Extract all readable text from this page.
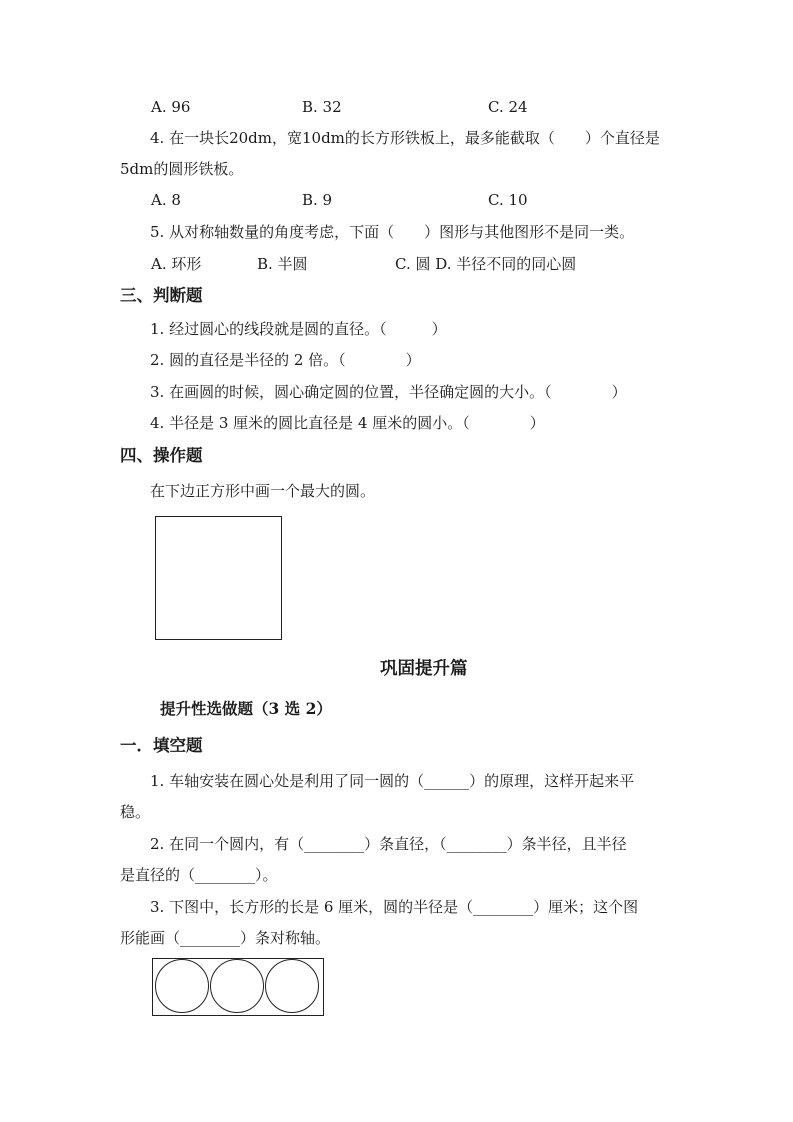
A. 96	B. 32	C. 24
4. 在一块长20dm，宽10dm的长方形铁板上，最多能截取（　　）个直径是
5dm的圆形铁板。
A. 8	B. 9	C. 10
5. 从对称轴数量的角度考虑，下面（　　）图形与其他图形不是同一类。
A. 环形	B. 半圆	C. 圆 D. 半径不同的同心圆
三、判断题
1. 经过圆心的线段就是圆的直径。（　　　）
2. 圆的直径是半径的 2 倍。（　　　　）
3. 在画圆的时候，圆心确定圆的位置，半径确定圆的大小。（　　　　）
4. 半径是 3 厘米的圆比直径是 4 厘米的圆小。（　　　　）
四、操作题
在下边正方形中画一个最大的圆。
巩固提升篇
提升性选做题（3 选 2）
一．填空题
1. 车轴安装在圆心处是利用了同一圆的（______）的原理，这样开起来平
稳。
2. 在同一个圆内，有（________）条直径，（________）条半径，且半径
是直径的（________）。
3. 下图中，长方形的长是 6 厘米，圆的半径是（________）厘米；这个图
形能画（________）条对称轴。
